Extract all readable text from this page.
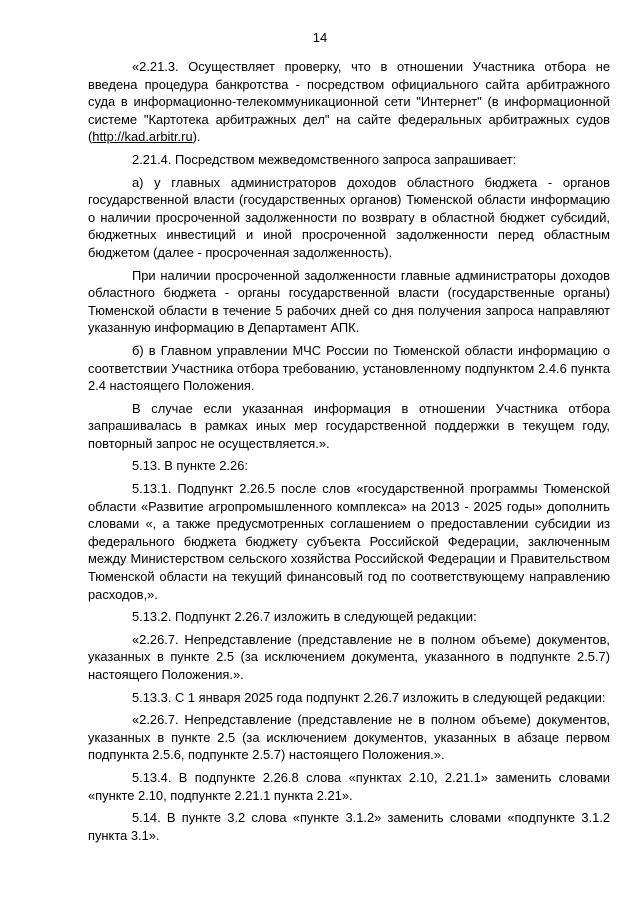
14

«2.21.3. Осуществляет проверку, что в отношении Участника отбора не введена процедура банкротства - посредством официального сайта арбитражного суда в информационно-телекоммуникационной сети "Интернет" (в информационной системе "Картотека арбитражных дел" на сайте федеральных арбитражных судов (http://kad.arbitr.ru).

2.21.4. Посредством межведомственного запроса запрашивает:

а) у главных администраторов доходов областного бюджета - органов государственной власти (государственных органов) Тюменской области информацию о наличии просроченной задолженности по возврату в областной бюджет субсидий, бюджетных инвестиций и иной просроченной задолженности перед областным бюджетом (далее - просроченная задолженность).

При наличии просроченной задолженности главные администраторы доходов областного бюджета - органы государственной власти (государственные органы) Тюменской области в течение 5 рабочих дней со дня получения запроса направляют указанную информацию в Департамент АПК.

б) в Главном управлении МЧС России по Тюменской области информацию о соответствии Участника отбора требованию, установленному подпунктом 2.4.6 пункта 2.4 настоящего Положения.

В случае если указанная информация в отношении Участника отбора запрашивалась в рамках иных мер государственной поддержки в текущем году, повторный запрос не осуществляется.».

5.13. В пункте 2.26:

5.13.1. Подпункт 2.26.5 после слов «государственной программы Тюменской области «Развитие агропромышленного комплекса» на 2013 - 2025 годы» дополнить словами «, а также предусмотренных соглашением о предоставлении субсидии из федерального бюджета бюджету субъекта Российской Федерации, заключенным между Министерством сельского хозяйства Российской Федерации и Правительством Тюменской области на текущий финансовый год по соответствующему направлению расходов,».

5.13.2. Подпункт 2.26.7 изложить в следующей редакции:

«2.26.7. Непредставление (представление не в полном объеме) документов, указанных в пункте 2.5 (за исключением документа, указанного в подпункте 2.5.7) настоящего Положения.».

5.13.3. С 1 января 2025 года подпункт 2.26.7 изложить в следующей редакции:

«2.26.7. Непредставление (представление не в полном объеме) документов, указанных в пункте 2.5 (за исключением документов, указанных в абзаце первом подпункта 2.5.6, подпункте 2.5.7) настоящего Положения.».

5.13.4. В подпункте 2.26.8 слова «пунктах 2.10, 2.21.1» заменить словами «пункте 2.10, подпункте 2.21.1 пункта 2.21».

5.14. В пункте 3.2 слова «пункте 3.1.2» заменить словами «подпункте 3.1.2 пункта 3.1».
